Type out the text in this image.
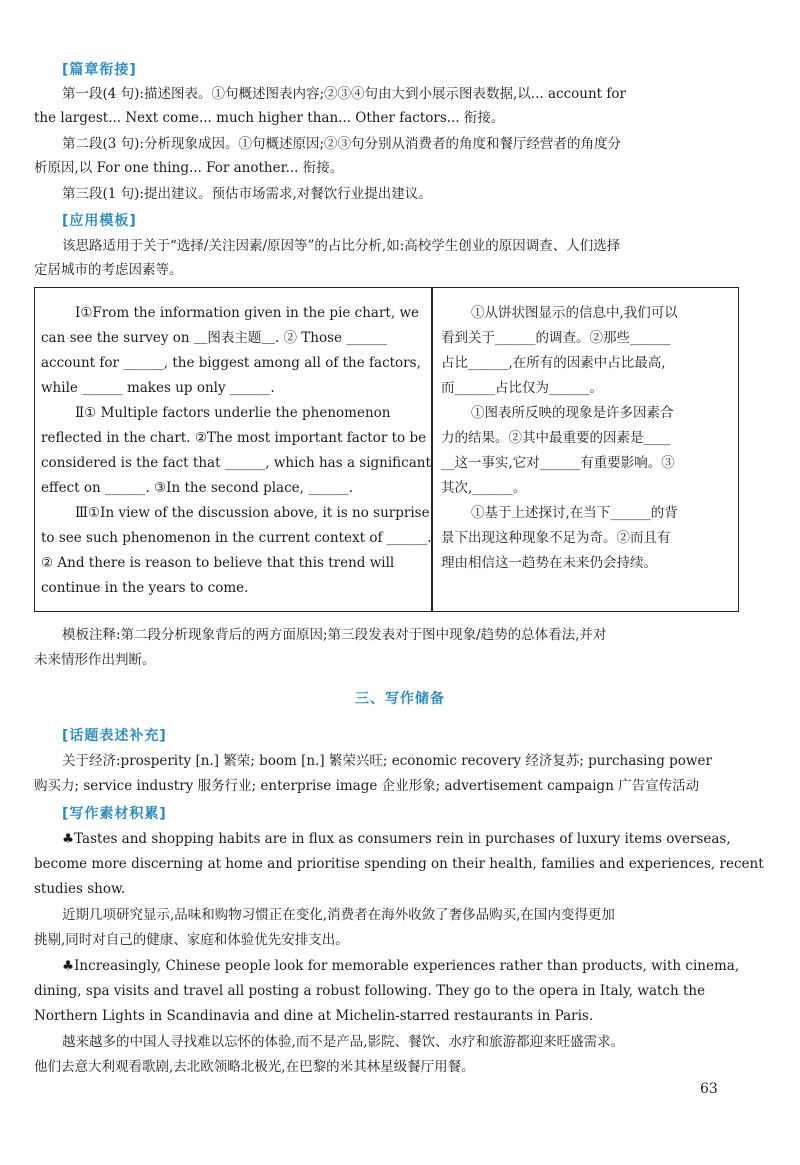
[篇章衔接]
第一段(4 句):描述图表。①句概述图表内容;②③④句由大到小展示图表数据,以... account for
the largest... Next come... much higher than... Other factors... 衔接。
第二段(3 句):分析现象成因。①句概述原因;②③句分别从消费者的角度和餐厅经营者的角度分
析原因,以 For one thing... For another... 衔接。
第三段(1 句):提出建议。预估市场需求,对餐饮行业提出建议。
[应用模板]
该思路适用于关于“选择/关注因素/原因等”的占比分析,如:高校学生创业的原因调查、人们选择
定居城市的考虑因素等。
Ⅰ①From the information given in the pie chart, we
can see the survey on ＿图表主题＿. ② Those ______
account for ______, the biggest among all of the factors,
while ______ makes up only ______.
Ⅱ① Multiple factors underlie the phenomenon
reflected in the chart. ②The most important factor to be
considered is the fact that ______, which has a significant
effect on ______. ③In the second place, ______.
Ⅲ①In view of the discussion above, it is no surprise
to see such phenomenon in the current context of ______.
② And there is reason to believe that this trend will
continue in the years to come.
①从饼状图显示的信息中,我们可以
看到关于______的调查。②那些______
占比______,在所有的因素中占比最高,
而______占比仅为______。
①图表所反映的现象是许多因素合
力的结果。②其中最重要的因素是____
__这一事实,它对______有重要影响。③
其次,______。
①基于上述探讨,在当下______的背
景下出现这种现象不足为奇。②而且有
理由相信这一趋势在未来仍会持续。
模板注释:第二段分析现象背后的两方面原因;第三段发表对于图中现象/趋势的总体看法,并对
未来情形作出判断。
三、写作储备
[话题表述补充]
关于经济:prosperity [n.] 繁荣; boom [n.] 繁荣兴旺; economic recovery 经济复苏; purchasing power
购买力; service industry 服务行业; enterprise image 企业形象; advertisement campaign 广告宣传活动
[写作素材积累]
♣Tastes and shopping habits are in flux as consumers rein in purchases of luxury items overseas,
become more discerning at home and prioritise spending on their health, families and experiences, recent
studies show.
近期几项研究显示,品味和购物习惯正在变化,消费者在海外收敛了奢侈品购买,在国内变得更加
挑剔,同时对自己的健康、家庭和体验优先安排支出。
♣Increasingly, Chinese people look for memorable experiences rather than products, with cinema,
dining, spa visits and travel all posting a robust following. They go to the opera in Italy, watch the
Northern Lights in Scandinavia and dine at Michelin-starred restaurants in Paris.
越来越多的中国人寻找难以忘怀的体验,而不是产品,影院、餐饮、水疗和旅游都迎来旺盛需求。
他们去意大利观看歌剧,去北欧领略北极光,在巴黎的米其林星级餐厅用餐。
63
